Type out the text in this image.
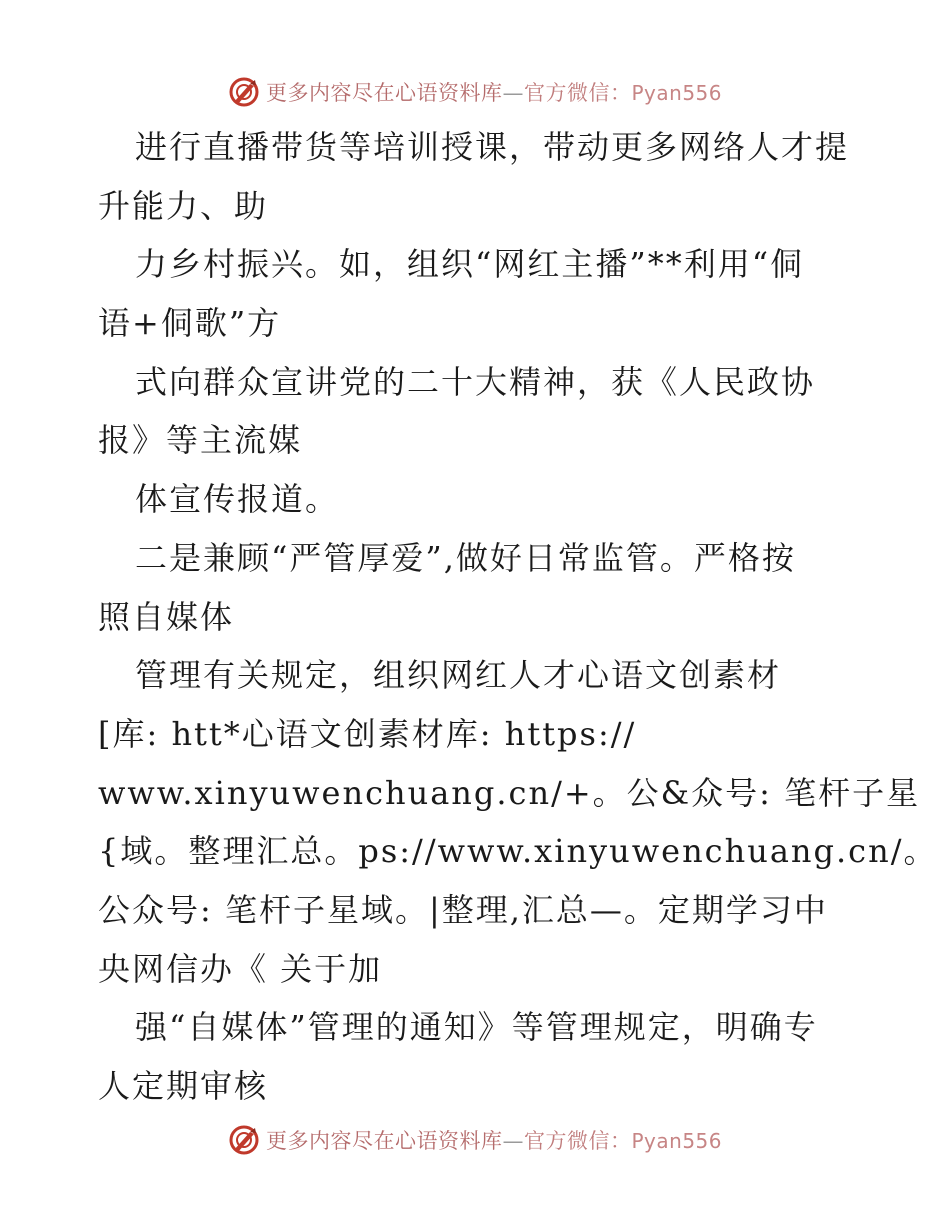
更多内容尽在心语资料库—官方微信：Pyan556
进行直播带货等培训授课，带动更多网络人才提
升能力、助
力乡村振兴。如，组织“网红主播”**利用“侗
语+侗歌”方
式向群众宣讲党的二十大精神，获《人民政协
报》等主流媒
体宣传报道。
二是兼顾“严管厚爱”,做好日常监管。严格按
照自媒体
管理有关规定，组织网红人才心语文创素材
[库: htt*心语文创素材库: https://
www.xinyuwenchuang.cn/+。公&众号: 笔杆子星
{域。整理汇总。ps://www.xinyuwenchuang.cn/。
公众号: 笔杆子星域。|整理,汇总—。定期学习中
央网信办《 关于加
强“自媒体”管理的通知》等管理规定，明确专
人定期审核
更多内容尽在心语资料库—官方微信：Pyan556
